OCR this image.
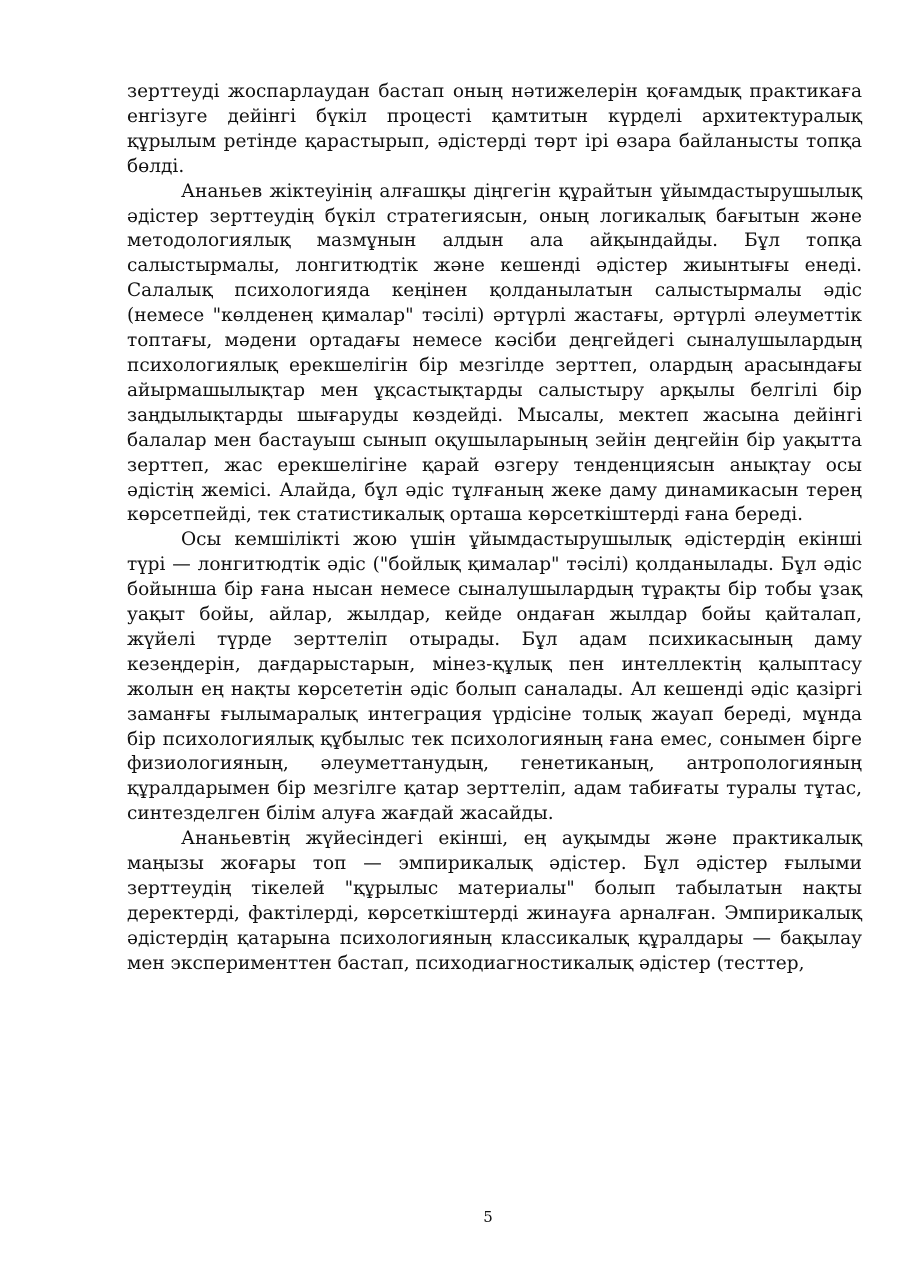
зерттеуді жоспарлаудан бастап оның нәтижелерін қоғамдық практикаға енгізуге дейінгі бүкіл процесті қамтитын күрделі архитектуралық құрылым ретінде қарастырып, әдістерді төрт ірі өзара байланысты топқа бөлді.

Ананьев жіктеуінің алғашқы діңгегін құрайтын ұйымдастырушылық әдістер зерттеудің бүкіл стратегиясын, оның логикалық бағытын және методологиялық мазмұнын алдын ала айқындайды. Бұл топқа салыстырмалы, лонгитюдтік және кешенді әдістер жиынтығы енеді. Салалық психологияда кеңінен қолданылатын салыстырмалы әдіс (немесе "көлденең қималар" тәсілі) әртүрлі жастағы, әртүрлі әлеуметтік топтағы, мәдени ортадағы немесе кәсіби деңгейдегі сыналушылардың психологиялық ерекшелігін бір мезгілде зерттеп, олардың арасындағы айырмашылықтар мен ұқсастықтарды салыстыру арқылы белгілі бір заңдылықтарды шығаруды көздейді. Мысалы, мектеп жасына дейінгі балалар мен бастауыш сынып оқушыларының зейін деңгейін бір уақытта зерттеп, жас ерекшелігіне қарай өзгеру тенденциясын анықтау осы әдістің жемісі. Алайда, бұл әдіс тұлғаның жеке даму динамикасын терең көрсетпейді, тек статистикалық орташа көрсеткіштерді ғана береді.

Осы кемшілікті жою үшін ұйымдастырушылық әдістердің екінші түрі — лонгитюдтік әдіс ("бойлық қималар" тәсілі) қолданылады. Бұл әдіс бойынша бір ғана нысан немесе сыналушылардың тұрақты бір тобы ұзақ уақыт бойы, айлар, жылдар, кейде ондаған жылдар бойы қайталап, жүйелі түрде зерттеліп отырады. Бұл адам психикасының даму кезеңдерін, дағдарыстарын, мінез-құлық пен интеллектің қалыптасу жолын ең нақты көрсететін әдіс болып саналады. Ал кешенді әдіс қазіргі заманғы ғылымаралық интеграция үрдісіне толық жауап береді, мұнда бір психологиялық құбылыс тек психологияның ғана емес, сонымен бірге физиологияның, әлеуметтанудың, генетиканың, антропологияның құралдарымен бір мезгілге қатар зерттеліп, адам табиғаты туралы тұтас, синтезделген білім алуға жағдай жасайды.

Ананьевтің жүйесіндегі екінші, ең ауқымды және практикалық маңызы жоғары топ — эмпирикалық әдістер. Бұл әдістер ғылыми зерттеудің тікелей "құрылыс материалы" болып табылатын нақты деректерді, фактілерді, көрсеткіштерді жинауға арналған. Эмпирикалық әдістердің қатарына психологияның классикалық құралдары — бақылау мен эксперименттен бастап, психодиагностикалық әдістер (тесттер,

5
